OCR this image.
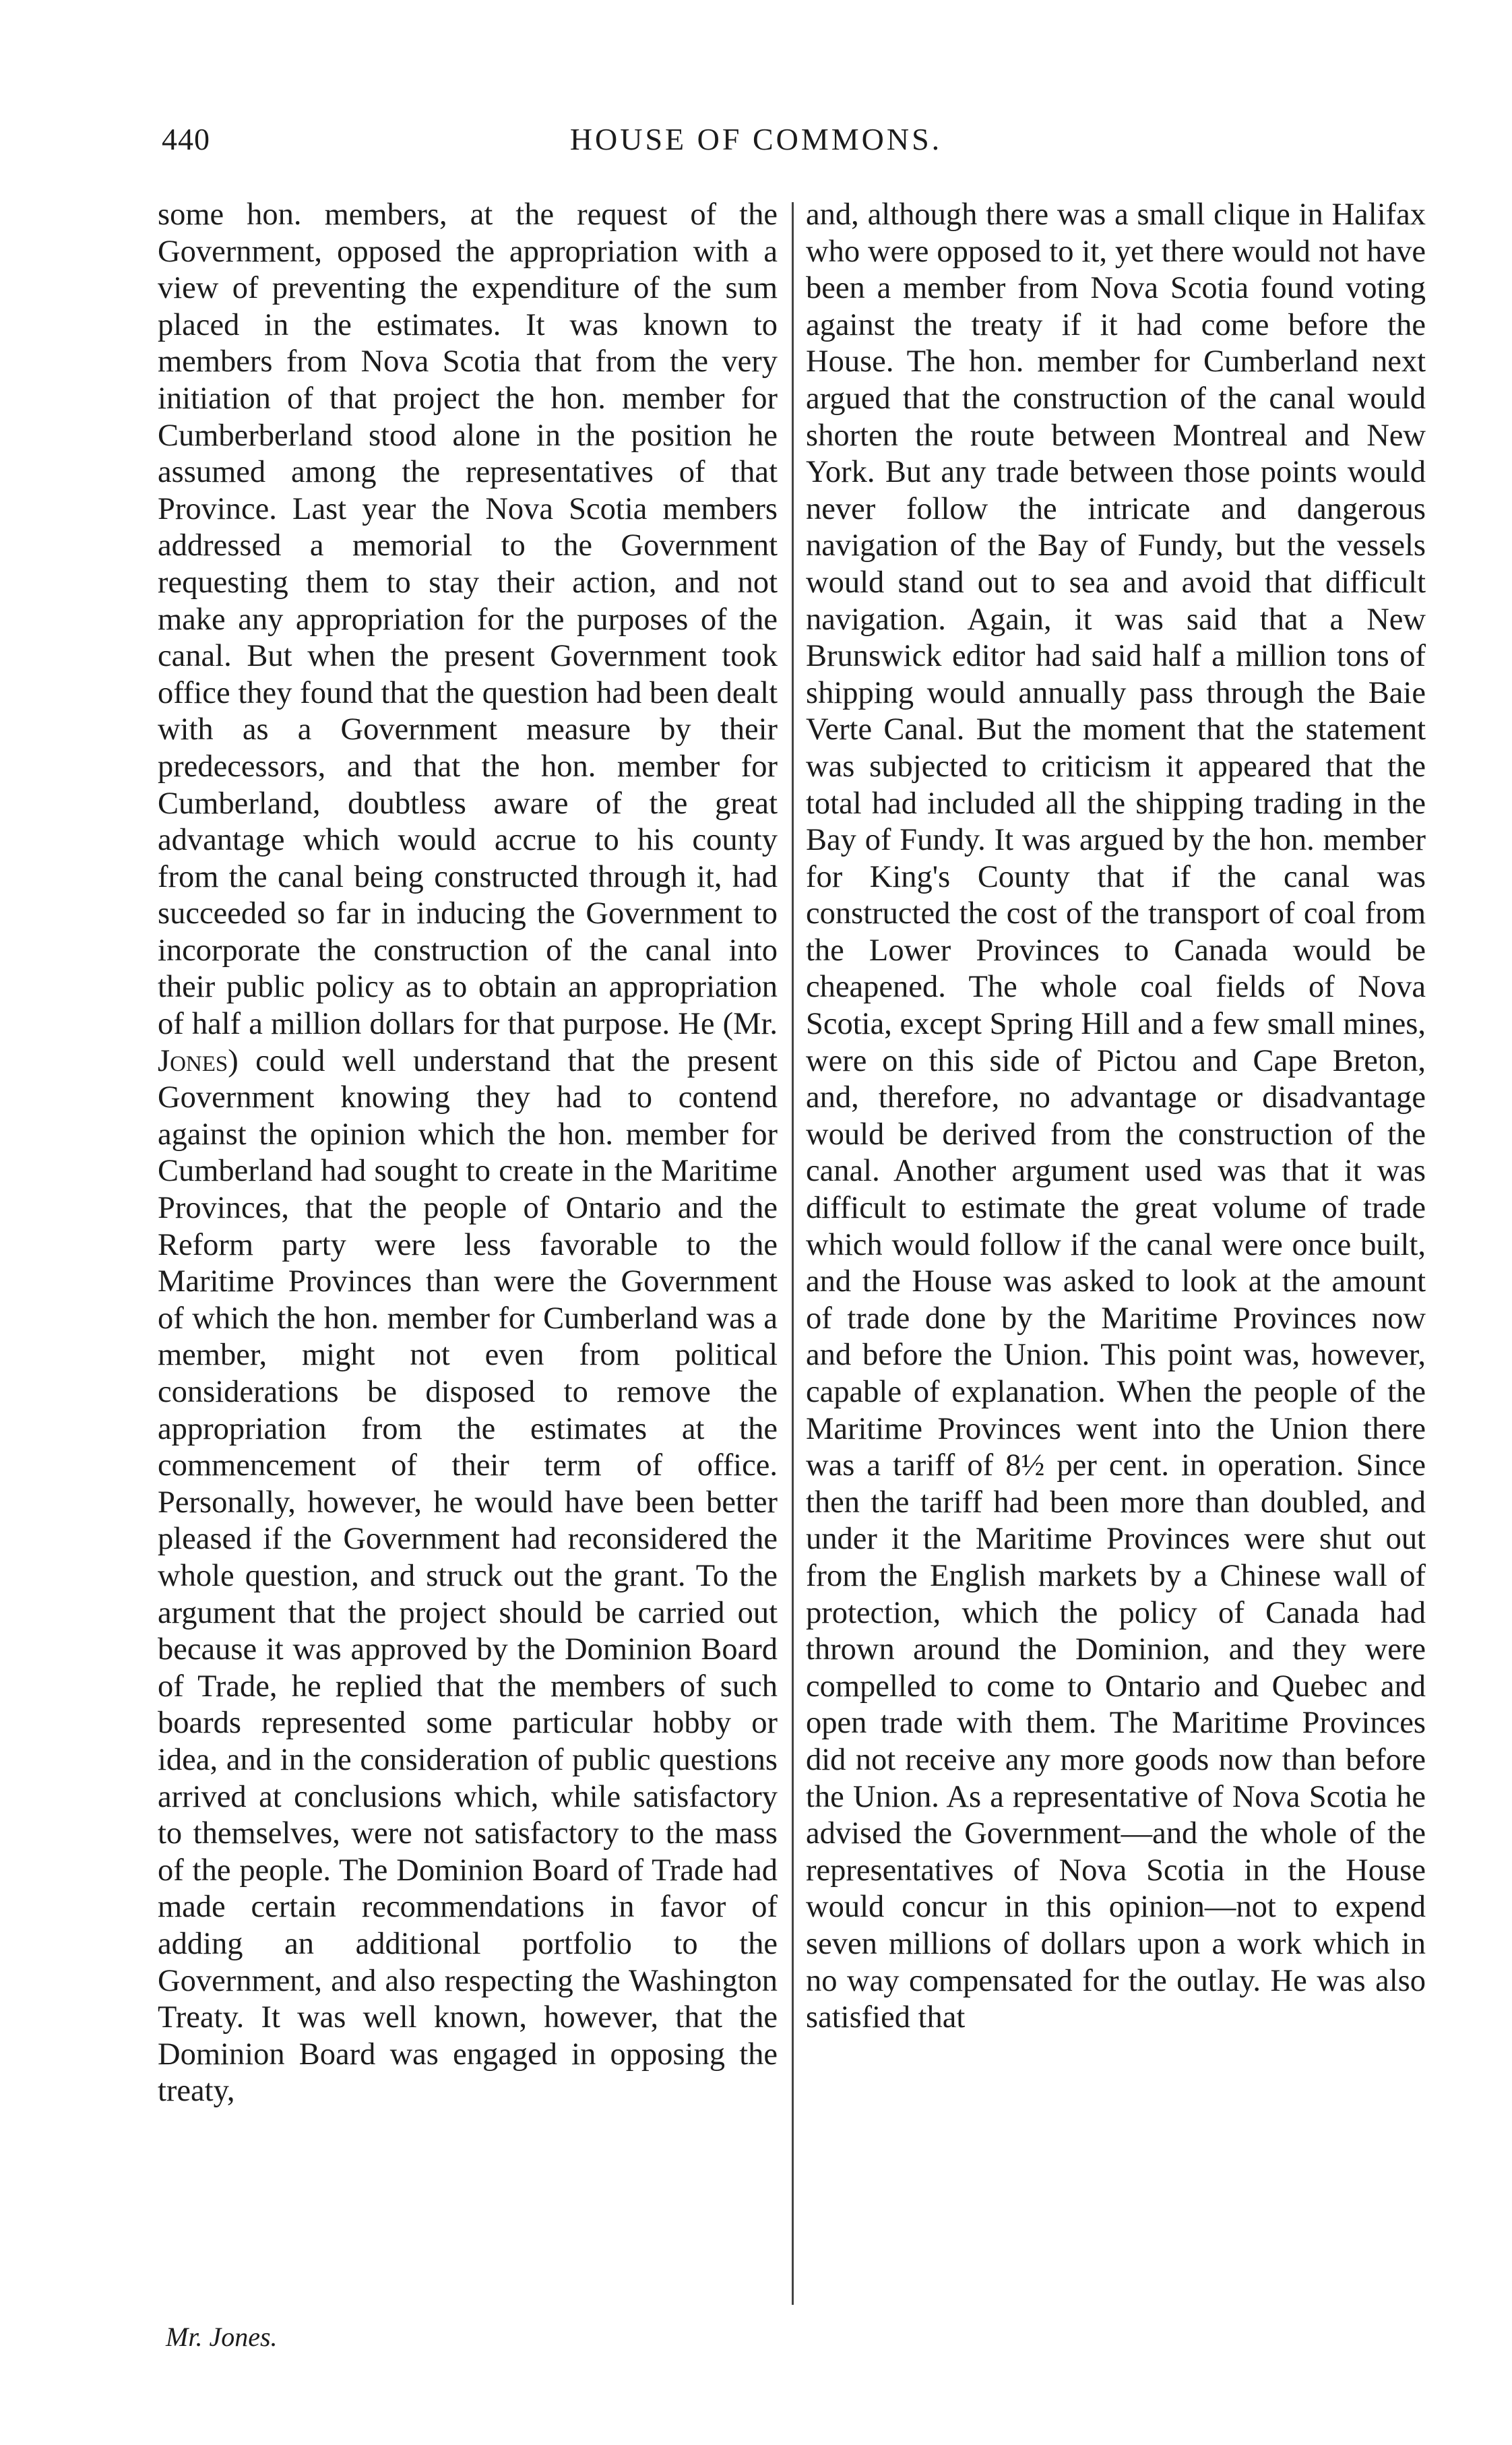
440	HOUSE OF COMMONS.

some hon. members, at the request of the Government, opposed the appropriation with a view of preventing the expenditure of the sum placed in the estimates. It was known to members from Nova Scotia that from the very initiation of that project the hon. member for Cumberberland stood alone in the position he assumed among the representatives of that Province. Last year the Nova Scotia members addressed a memorial to the Government requesting them to stay their action, and not make any appropriation for the purposes of the canal. But when the present Government took office they found that the question had been dealt with as a Government measure by their predecessors, and that the hon. member for Cumberland, doubtless aware of the great advantage which would accrue to his county from the canal being constructed through it, had succeeded so far in inducing the Government to incorporate the construction of the canal into their public policy as to obtain an appropriation of half a million dollars for that purpose. He (Mr. Jones) could well understand that the present Government knowing they had to contend against the opinion which the hon. member for Cumberland had sought to create in the Maritime Provinces, that the people of Ontario and the Reform party were less favorable to the Maritime Provinces than were the Government of which the hon. member for Cumberland was a member, might not even from political considerations be disposed to remove the appropriation from the estimates at the commencement of their term of office. Personally, however, he would have been better pleased if the Government had reconsidered the whole question, and struck out the grant. To the argument that the project should be carried out because it was approved by the Dominion Board of Trade, he replied that the members of such boards represented some particular hobby or idea, and in the consideration of public questions arrived at conclusions which, while satisfactory to themselves, were not satisfactory to the mass of the people. The Dominion Board of Trade had made certain recommendations in favor of adding an additional portfolio to the Government, and also respecting the Washington Treaty. It was well known, however, that the Dominion Board was engaged in opposing the treaty,

and, although there was a small clique in Halifax who were opposed to it, yet there would not have been a member from Nova Scotia found voting against the treaty if it had come before the House. The hon. member for Cumberland next argued that the construction of the canal would shorten the route between Montreal and New York. But any trade between those points would never follow the intricate and dangerous navigation of the Bay of Fundy, but the vessels would stand out to sea and avoid that difficult navigation. Again, it was said that a New Brunswick editor had said half a million tons of shipping would annually pass through the Baie Verte Canal. But the moment that the statement was subjected to criticism it appeared that the total had included all the shipping trading in the Bay of Fundy. It was argued by the hon. member for King's County that if the canal was constructed the cost of the transport of coal from the Lower Provinces to Canada would be cheapened. The whole coal fields of Nova Scotia, except Spring Hill and a few small mines, were on this side of Pictou and Cape Breton, and, therefore, no advantage or disadvantage would be derived from the construction of the canal. Another argument used was that it was difficult to estimate the great volume of trade which would follow if the canal were once built, and the House was asked to look at the amount of trade done by the Maritime Provinces now and before the Union. This point was, however, capable of explanation. When the people of the Maritime Provinces went into the Union there was a tariff of 8½ per cent. in operation. Since then the tariff had been more than doubled, and under it the Maritime Provinces were shut out from the English markets by a Chinese wall of protection, which the policy of Canada had thrown around the Dominion, and they were compelled to come to Ontario and Quebec and open trade with them. The Maritime Provinces did not receive any more goods now than before the Union. As a representative of Nova Scotia he advised the Government—and the whole of the representatives of Nova Scotia in the House would concur in this opinion—not to expend seven millions of dollars upon a work which in no way compensated for the outlay. He was also satisfied that

Mr. Jones.
